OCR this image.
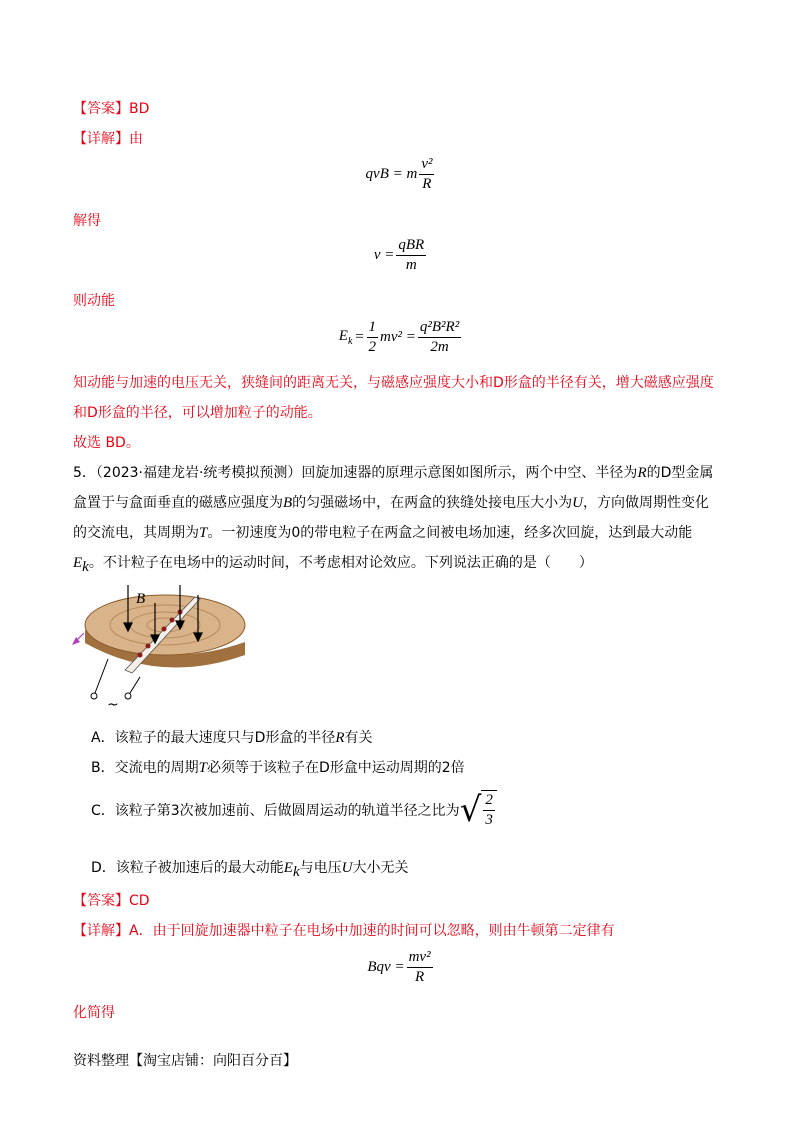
【答案】BD
【详解】由
qvB = m $\frac{\text{v²}}{R}$
解得
$v = \frac{\text{qBR}}{m}$
则动能
$E_k = \frac{1}{2} mv^2 = \frac{\text{q²B²R²}}{2m}$
知动能与加速的电压无关，狭缝间的距离无关，与磁感应强度大小和D形盒的半径有关，增大磁感应强度
和D形盒的半径，可以增加粒子的动能。
故选 BD。
5．（2023·福建龙岩·统考模拟预测）回旋加速器的原理示意图如图所示，两个中空、半径为R的D型金属
盒置于与盒面垂直的磁感应强度为B的匀强磁场中，在两盒的狭缝处接电压大小为U，方向做周期性变化
的交流电，其周期为T。一初速度为0的带电粒子在两盒之间被电场加速，经多次回旋，达到最大动能
$E_k$。不计粒子在电场中的运动时间，不考虑相对论效应。下列说法正确的是（　　）
B
~
A．该粒子的最大速度只与D形盒的半径R有关
B．交流电的周期T必须等于该粒子在D形盒中运动周期的2倍
C．该粒子第3次被加速前、后做圆周运动的轨道半径之比为 √ $\frac{2}{3}$
D．该粒子被加速后的最大动能$E_k$与电压U大小无关
【答案】CD
【详解】A．由于回旋加速器中粒子在电场中加速的时间可以忽略，则由牛顿第二定律有
Bqv = $\frac{\text{mv²}}{R}$
化简得
资料整理【淘宝店铺：向阳百分百】
